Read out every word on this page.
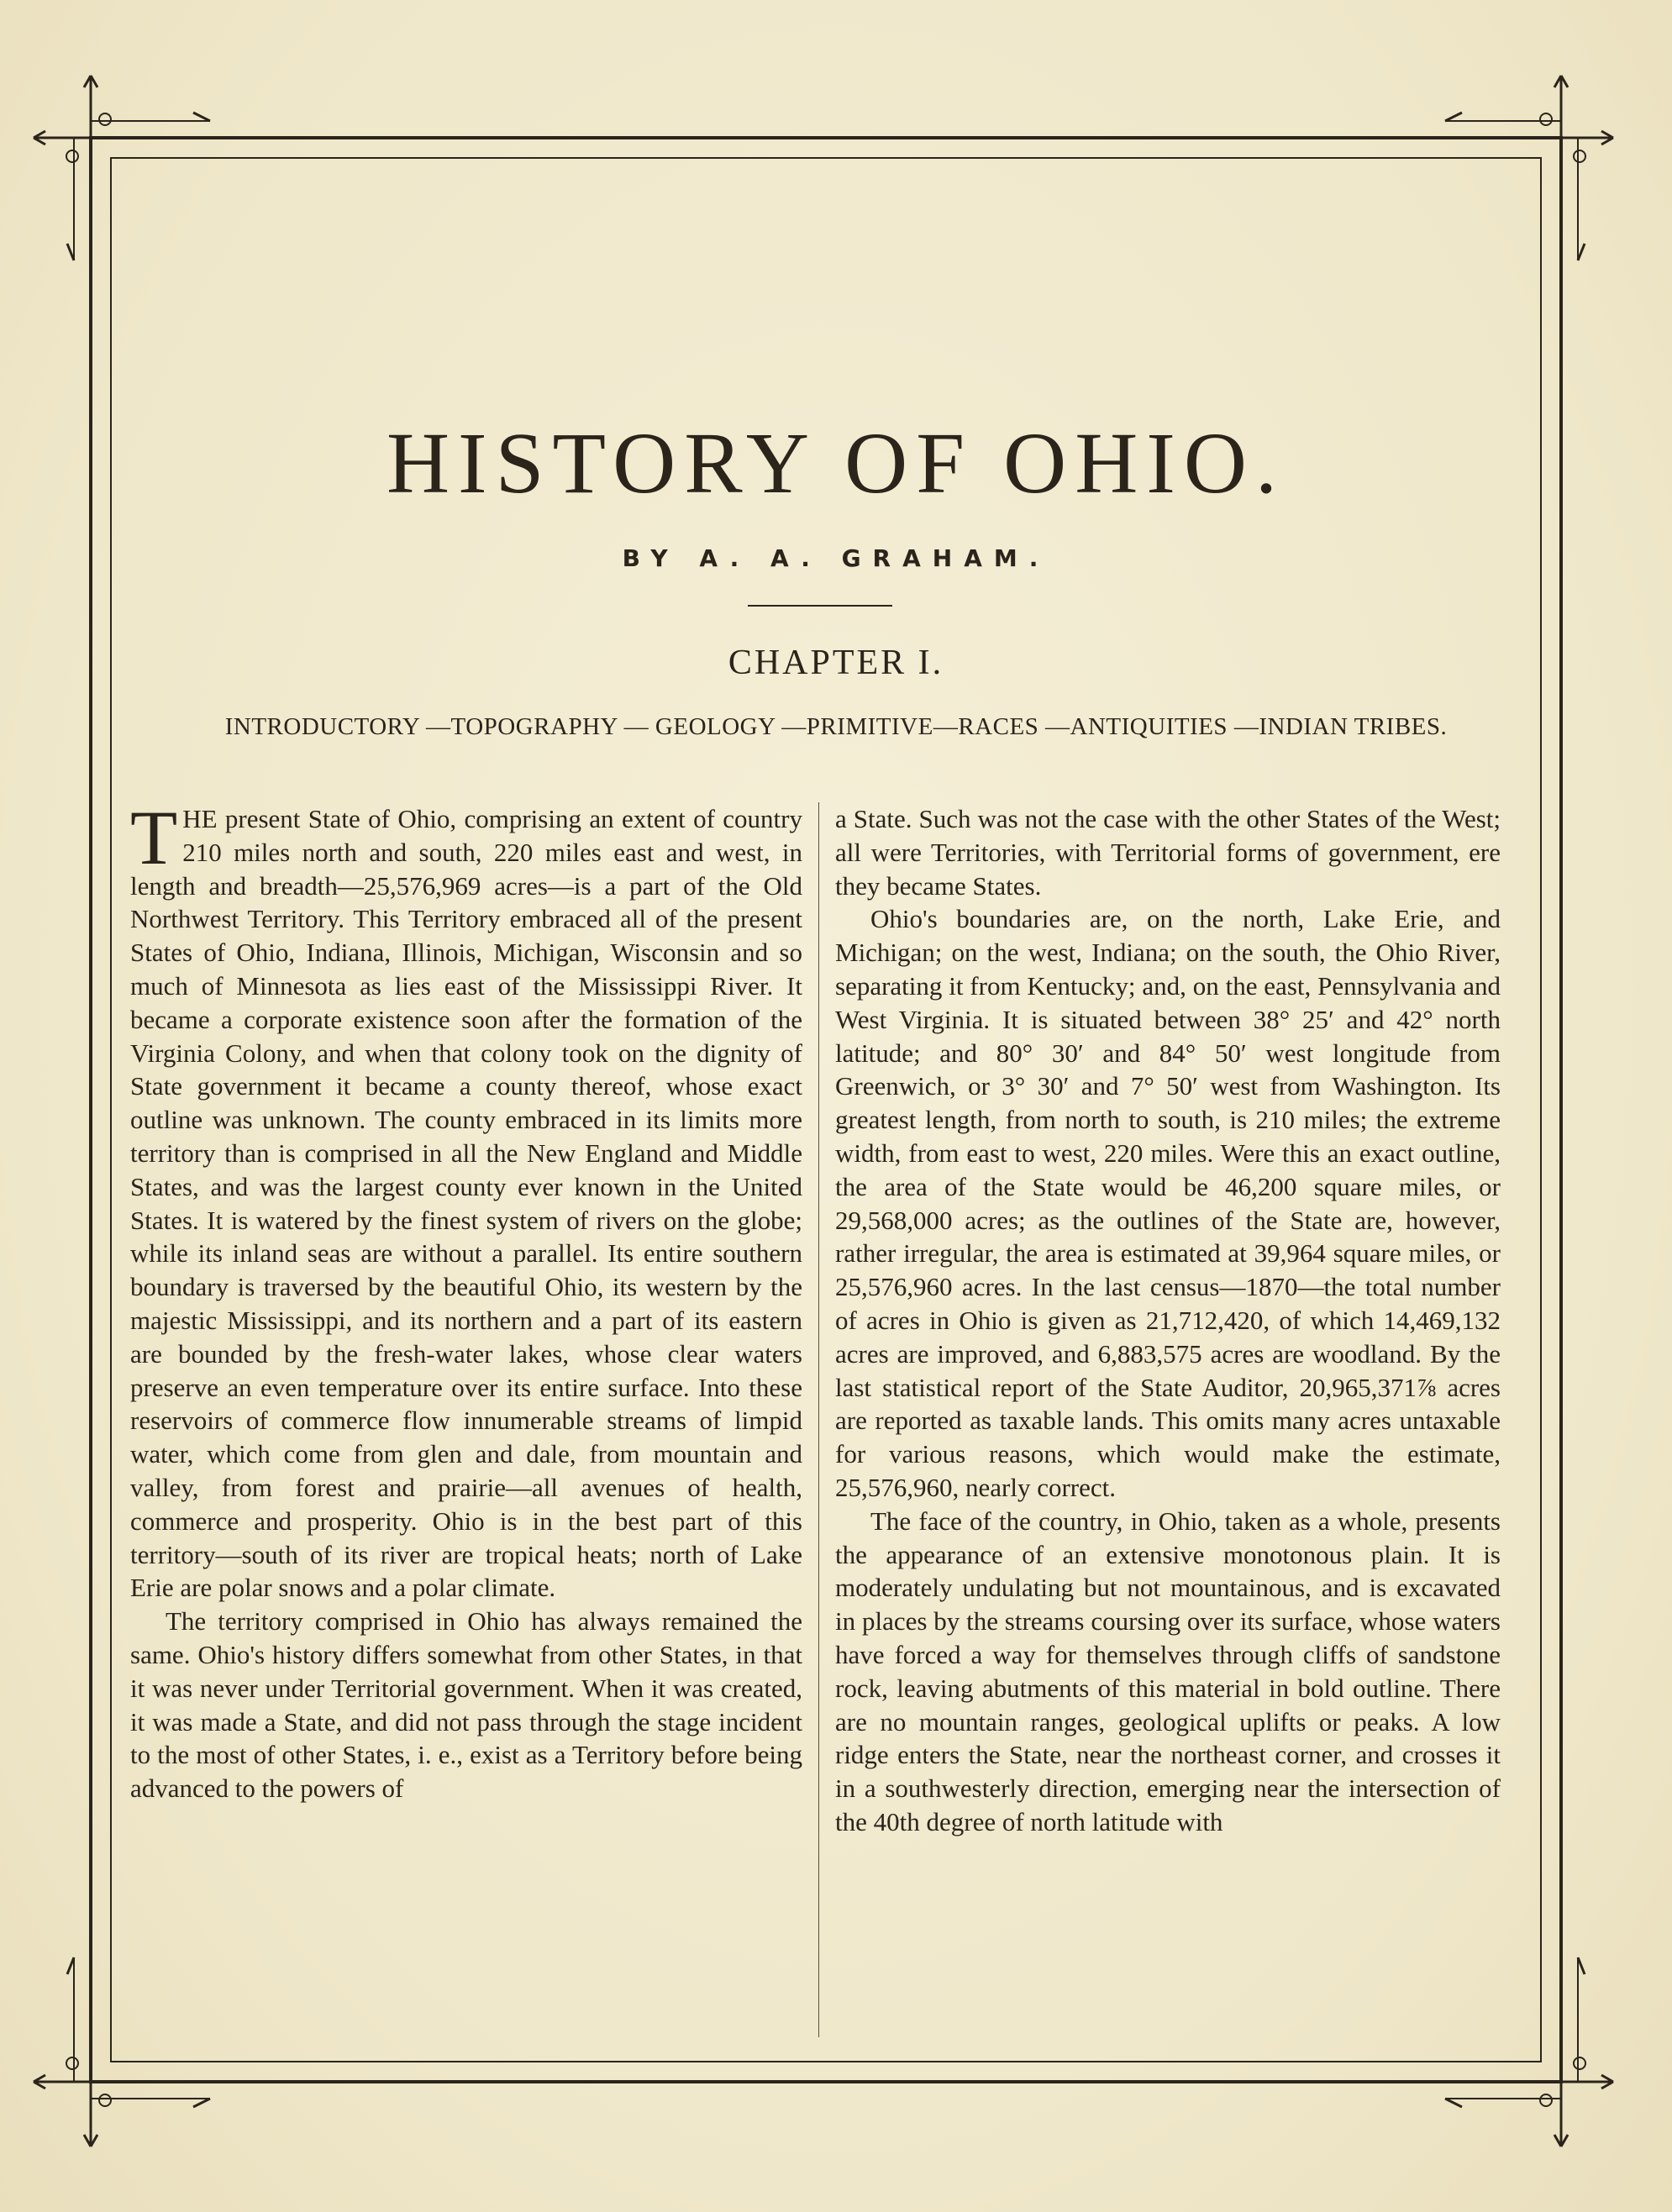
HISTORY OF OHIO.
BY A. A. GRAHAM.
CHAPTER I.
INTRODUCTORY —TOPOGRAPHY — GEOLOGY —PRIMITIVE—RACES —ANTIQUITIES —INDIAN TRIBES.

THE present State of Ohio, comprising an extent of country 210 miles north and south, 220 miles east and west, in length and breadth—25,576,969 acres—is a part of the Old Northwest Territory. This Territory embraced all of the present States of Ohio, Indiana, Illinois, Michigan, Wisconsin and so much of Minnesota as lies east of the Mississippi River. It became a corporate existence soon after the formation of the Virginia Colony, and when that colony took on the dignity of State government it became a county thereof, whose exact outline was unknown. The county embraced in its limits more territory than is comprised in all the New England and Middle States, and was the largest county ever known in the United States. It is watered by the finest system of rivers on the globe; while its inland seas are without a parallel. Its entire southern boundary is traversed by the beautiful Ohio, its western by the majestic Mississippi, and its northern and a part of its eastern are bounded by the fresh-water lakes, whose clear waters preserve an even temperature over its entire surface. Into these reservoirs of commerce flow innumerable streams of limpid water, which come from glen and dale, from mountain and valley, from forest and prairie—all avenues of health, commerce and prosperity. Ohio is in the best part of this territory—south of its river are tropical heats; north of Lake Erie are polar snows and a polar climate.

The territory comprised in Ohio has always remained the same. Ohio's history differs somewhat from other States, in that it was never under Territorial government. When it was created, it was made a State, and did not pass through the stage incident to the most of other States, i. e., exist as a Territory before being advanced to the powers of

a State. Such was not the case with the other States of the West; all were Territories, with Territorial forms of government, ere they became States.

Ohio's boundaries are, on the north, Lake Erie, and Michigan; on the west, Indiana; on the south, the Ohio River, separating it from Kentucky; and, on the east, Pennsylvania and West Virginia. It is situated between 38° 25′ and 42° north latitude; and 80° 30′ and 84° 50′ west longitude from Greenwich, or 3° 30′ and 7° 50′ west from Washington. Its greatest length, from north to south, is 210 miles; the extreme width, from east to west, 220 miles. Were this an exact outline, the area of the State would be 46,200 square miles, or 29,568,000 acres; as the outlines of the State are, however, rather irregular, the area is estimated at 39,964 square miles, or 25,576,960 acres. In the last census—1870—the total number of acres in Ohio is given as 21,712,420, of which 14,469,132 acres are improved, and 6,883,575 acres are woodland. By the last statistical report of the State Auditor, 20,965,371⅞ acres are reported as taxable lands. This omits many acres untaxable for various reasons, which would make the estimate, 25,576,960, nearly correct.

The face of the country, in Ohio, taken as a whole, presents the appearance of an extensive monotonous plain. It is moderately undulating but not mountainous, and is excavated in places by the streams coursing over its surface, whose waters have forced a way for themselves through cliffs of sandstone rock, leaving abutments of this material in bold outline. There are no mountain ranges, geological uplifts or peaks. A low ridge enters the State, near the northeast corner, and crosses it in a southwesterly direction, emerging near the intersection of the 40th degree of north latitude with
